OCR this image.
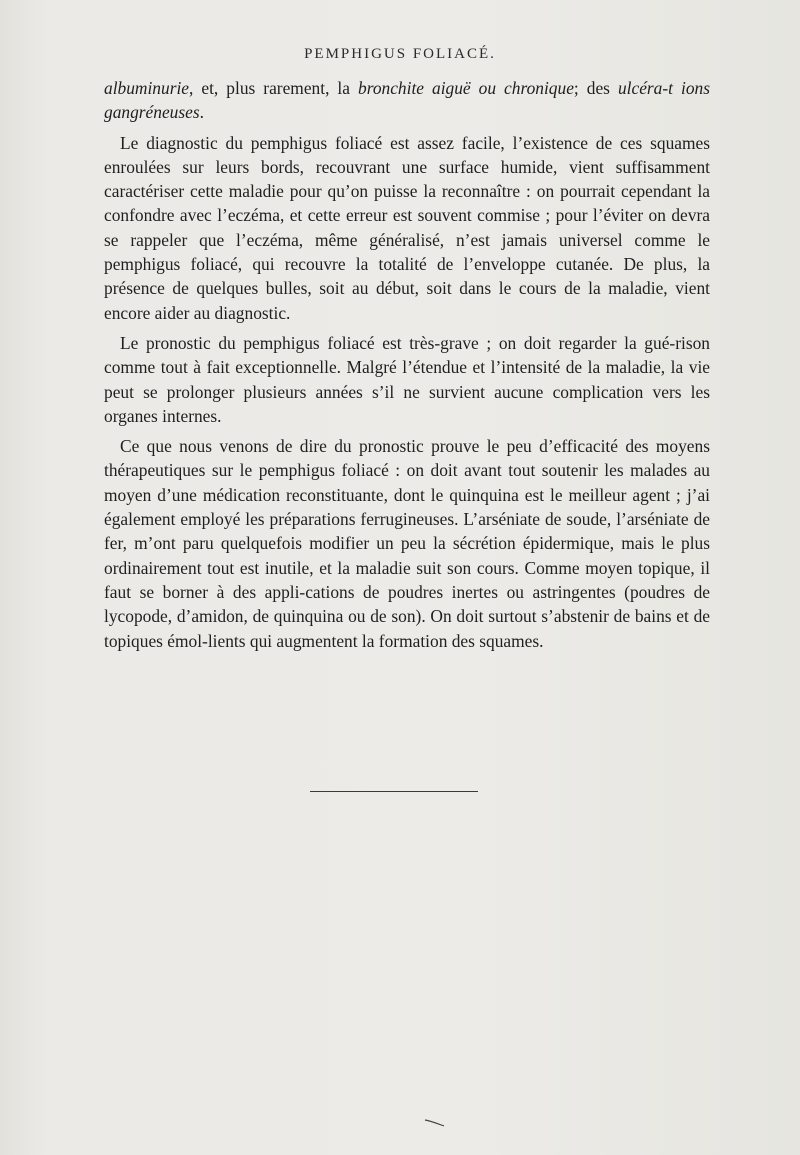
PEMPHIGUS FOLIACÉ.

albuminurie, et, plus rarement, la bronchite aiguë ou chronique; des ulcéra-t ions gangréneuses.

Le diagnostic du pemphigus foliacé est assez facile, l’existence de ces squames enroulées sur leurs bords, recouvrant une surface humide, vient suffisamment caractériser cette maladie pour qu’on puisse la reconnaître : on pourrait cependant la confondre avec l’eczéma, et cette erreur est souvent commise ; pour l’éviter on devra se rappeler que l’eczéma, même généralisé, n’est jamais universel comme le pemphigus foliacé, qui recouvre la totalité de l’enveloppe cutanée. De plus, la présence de quelques bulles, soit au début, soit dans le cours de la maladie, vient encore aider au diagnostic.

Le pronostic du pemphigus foliacé est très-grave ; on doit regarder la gué-rison comme tout à fait exceptionnelle. Malgré l’étendue et l’intensité de la maladie, la vie peut se prolonger plusieurs années s’il ne survient aucune complication vers les organes internes.

Ce que nous venons de dire du pronostic prouve le peu d’efficacité des moyens thérapeutiques sur le pemphigus foliacé : on doit avant tout soutenir les malades au moyen d’une médication reconstituante, dont le quinquina est le meilleur agent ; j’ai également employé les préparations ferrugineuses. L’arséniate de soude, l’arséniate de fer, m’ont paru quelquefois modifier un peu la sécrétion épidermique, mais le plus ordinairement tout est inutile, et la maladie suit son cours. Comme moyen topique, il faut se borner à des appli-cations de poudres inertes ou astringentes (poudres de lycopode, d’amidon, de quinquina ou de son). On doit surtout s’abstenir de bains et de topiques émol-lients qui augmentent la formation des squames.
